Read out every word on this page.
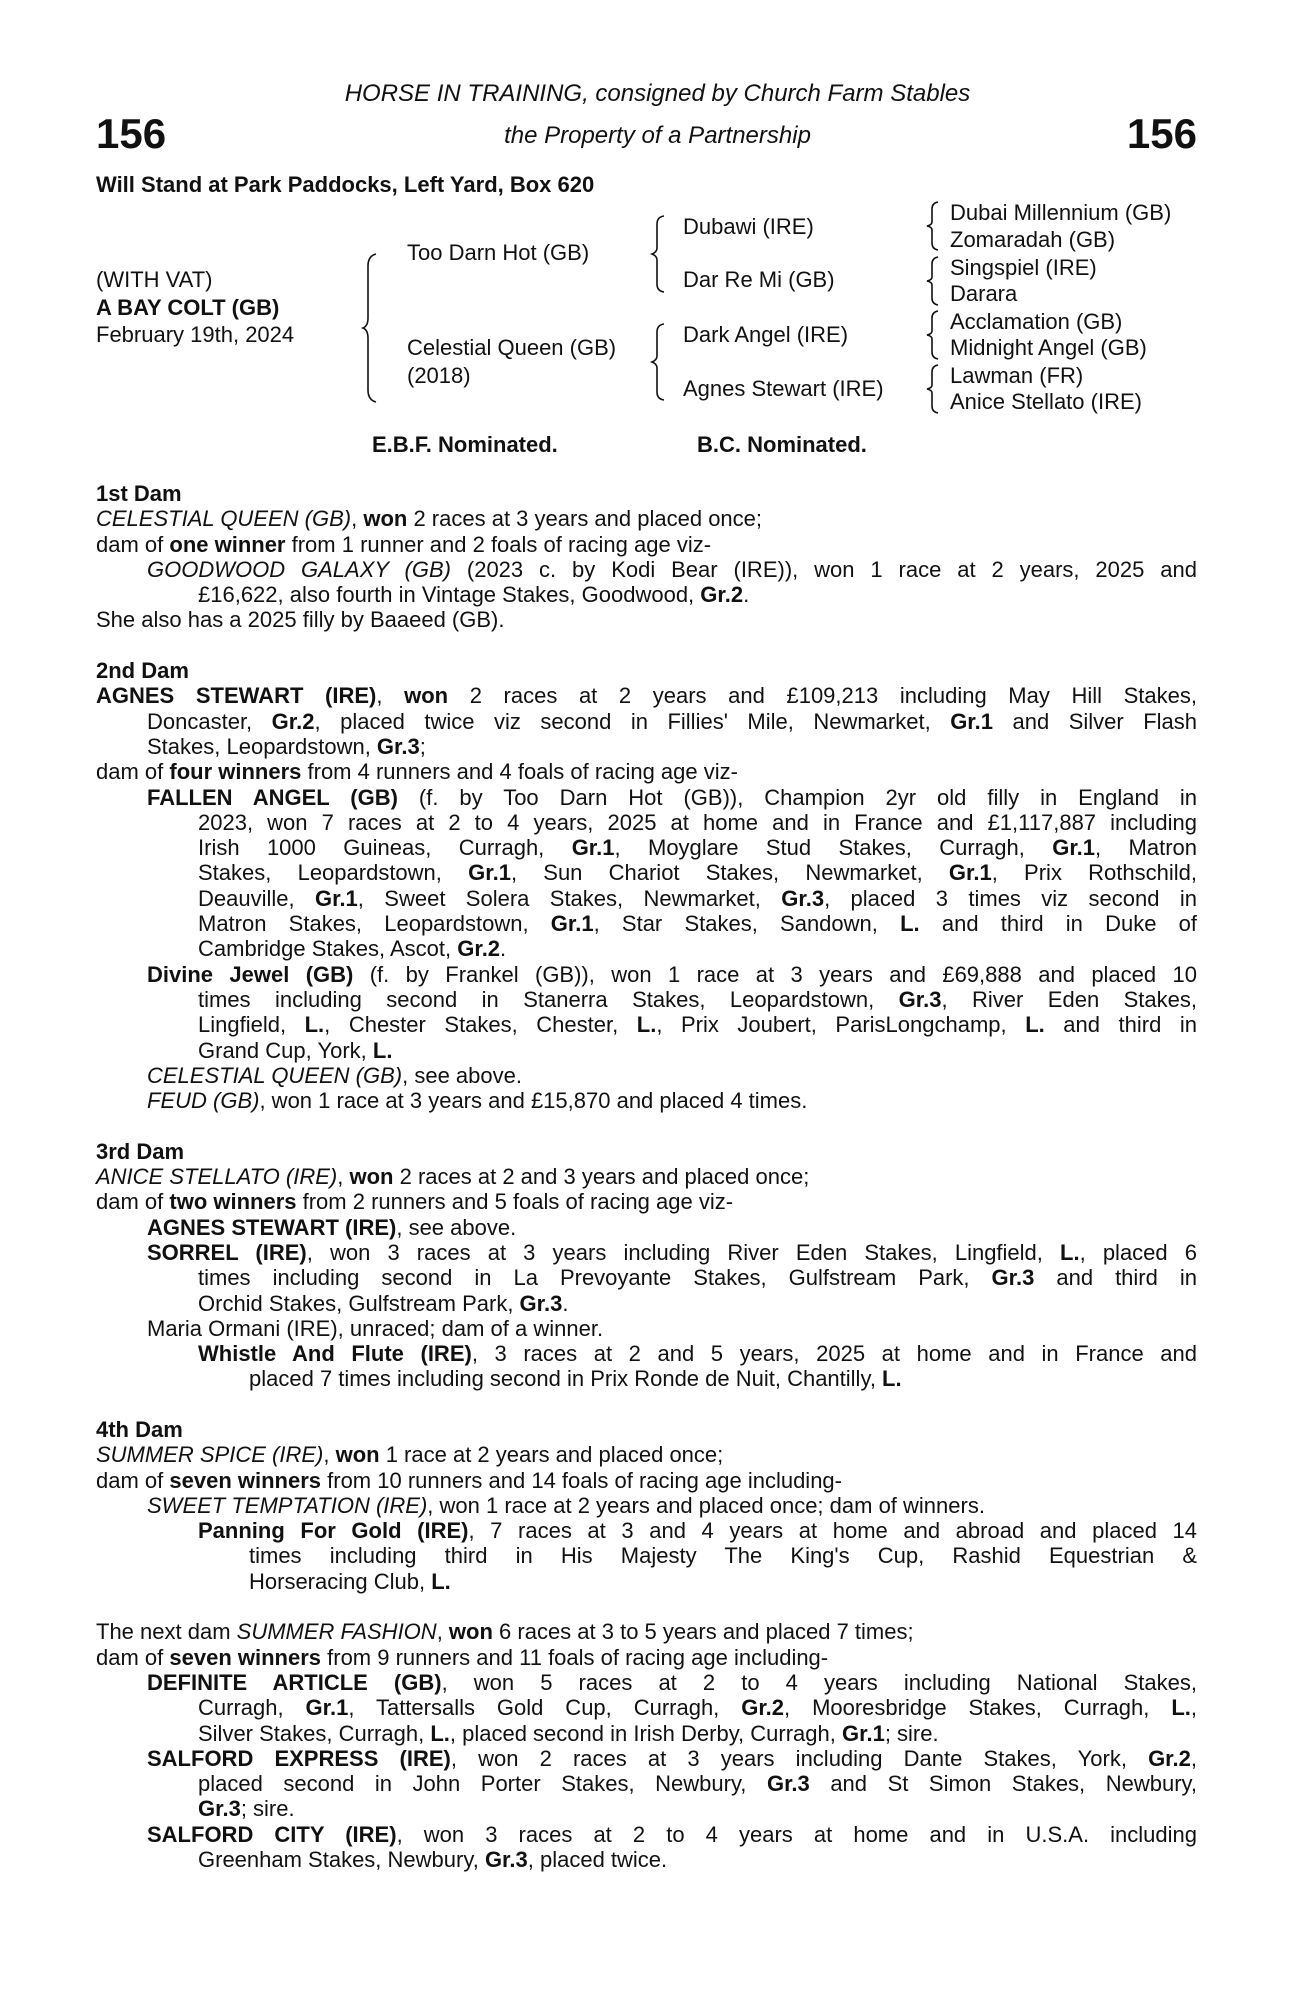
HORSE IN TRAINING, consigned by Church Farm Stables
the Property of a Partnership
156	156
Will Stand at Park Paddocks, Left Yard, Box 620
(WITH VAT)
A BAY COLT (GB)
February 19th, 2024
Too Darn Hot (GB)
Celestial Queen (GB)
(2018)
Dubawi (IRE)
Dar Re Mi (GB)
Dark Angel (IRE)
Agnes Stewart (IRE)
Dubai Millennium (GB)
Zomaradah (GB)
Singspiel (IRE)
Darara
Acclamation (GB)
Midnight Angel (GB)
Lawman (FR)
Anice Stellato (IRE)
E.B.F. Nominated.	B.C. Nominated.
1st Dam
CELESTIAL QUEEN (GB), won 2 races at 3 years and placed once;
dam of one winner from 1 runner and 2 foals of racing age viz-
GOODWOOD GALAXY (GB) (2023 c. by Kodi Bear (IRE)), won 1 race at 2 years, 2025 and
£16,622, also fourth in Vintage Stakes, Goodwood, Gr.2.
She also has a 2025 filly by Baaeed (GB).
2nd Dam
AGNES STEWART (IRE), won 2 races at 2 years and £109,213 including May Hill Stakes,
Doncaster, Gr.2, placed twice viz second in Fillies' Mile, Newmarket, Gr.1 and Silver Flash
Stakes, Leopardstown, Gr.3;
dam of four winners from 4 runners and 4 foals of racing age viz-
FALLEN ANGEL (GB) (f. by Too Darn Hot (GB)), Champion 2yr old filly in England in
2023, won 7 races at 2 to 4 years, 2025 at home and in France and £1,117,887 including
Irish 1000 Guineas, Curragh, Gr.1, Moyglare Stud Stakes, Curragh, Gr.1, Matron
Stakes, Leopardstown, Gr.1, Sun Chariot Stakes, Newmarket, Gr.1, Prix Rothschild,
Deauville, Gr.1, Sweet Solera Stakes, Newmarket, Gr.3, placed 3 times viz second in
Matron Stakes, Leopardstown, Gr.1, Star Stakes, Sandown, L. and third in Duke of
Cambridge Stakes, Ascot, Gr.2.
Divine Jewel (GB) (f. by Frankel (GB)), won 1 race at 3 years and £69,888 and placed 10
times including second in Stanerra Stakes, Leopardstown, Gr.3, River Eden Stakes,
Lingfield, L., Chester Stakes, Chester, L., Prix Joubert, ParisLongchamp, L. and third in
Grand Cup, York, L.
CELESTIAL QUEEN (GB), see above.
FEUD (GB), won 1 race at 3 years and £15,870 and placed 4 times.
3rd Dam
ANICE STELLATO (IRE), won 2 races at 2 and 3 years and placed once;
dam of two winners from 2 runners and 5 foals of racing age viz-
AGNES STEWART (IRE), see above.
SORREL (IRE), won 3 races at 3 years including River Eden Stakes, Lingfield, L., placed 6
times including second in La Prevoyante Stakes, Gulfstream Park, Gr.3 and third in
Orchid Stakes, Gulfstream Park, Gr.3.
Maria Ormani (IRE), unraced; dam of a winner.
Whistle And Flute (IRE), 3 races at 2 and 5 years, 2025 at home and in France and
placed 7 times including second in Prix Ronde de Nuit, Chantilly, L.
4th Dam
SUMMER SPICE (IRE), won 1 race at 2 years and placed once;
dam of seven winners from 10 runners and 14 foals of racing age including-
SWEET TEMPTATION (IRE), won 1 race at 2 years and placed once; dam of winners.
Panning For Gold (IRE), 7 races at 3 and 4 years at home and abroad and placed 14
times including third in His Majesty The King's Cup, Rashid Equestrian &
Horseracing Club, L.
The next dam SUMMER FASHION, won 6 races at 3 to 5 years and placed 7 times;
dam of seven winners from 9 runners and 11 foals of racing age including-
DEFINITE ARTICLE (GB), won 5 races at 2 to 4 years including National Stakes,
Curragh, Gr.1, Tattersalls Gold Cup, Curragh, Gr.2, Mooresbridge Stakes, Curragh, L.,
Silver Stakes, Curragh, L., placed second in Irish Derby, Curragh, Gr.1; sire.
SALFORD EXPRESS (IRE), won 2 races at 3 years including Dante Stakes, York, Gr.2,
placed second in John Porter Stakes, Newbury, Gr.3 and St Simon Stakes, Newbury,
Gr.3; sire.
SALFORD CITY (IRE), won 3 races at 2 to 4 years at home and in U.S.A. including
Greenham Stakes, Newbury, Gr.3, placed twice.
